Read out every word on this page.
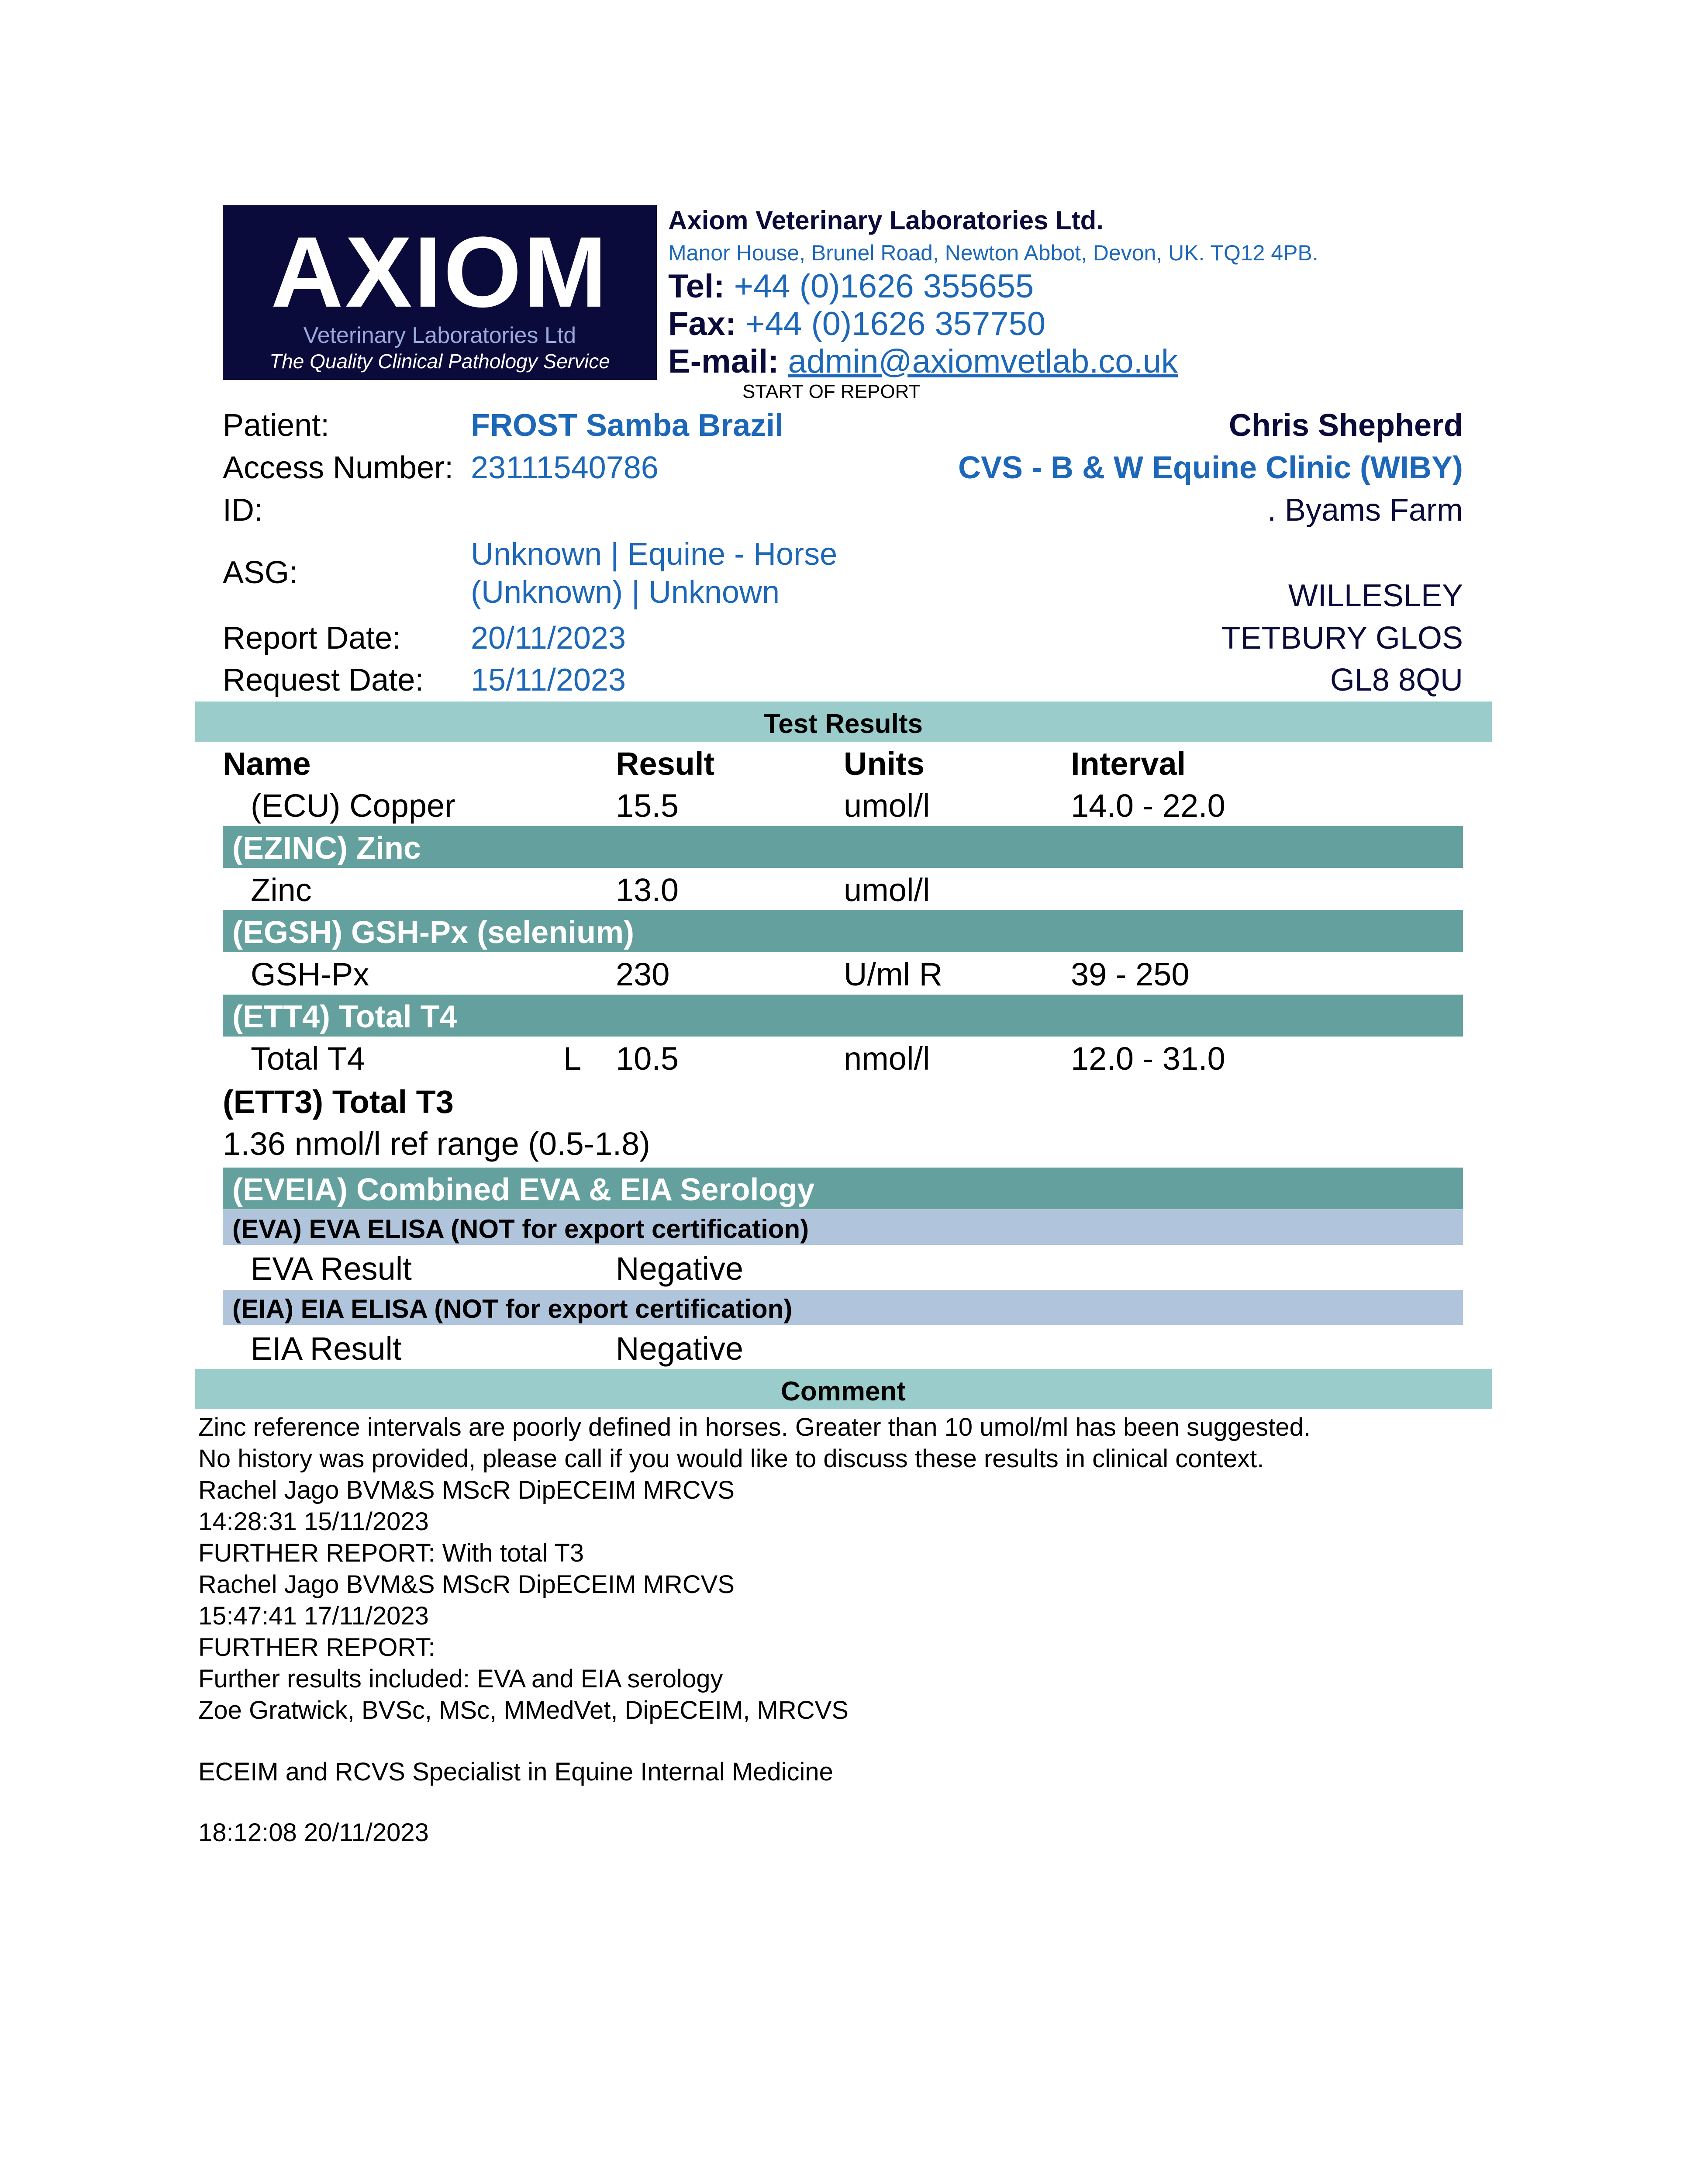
AXIOM
Veterinary Laboratories Ltd
The Quality Clinical Pathology Service
Axiom Veterinary Laboratories Ltd.
Manor House, Brunel Road, Newton Abbot, Devon, UK. TQ12 4PB.
Tel: +44 (0)1626 355655
Fax: +44 (0)1626 357750
E-mail: admin@axiomvetlab.co.uk
START OF REPORT
Patient:	FROST Samba Brazil
Access Number: 23111540786
ID:
ASG:
Unknown | Equine - Horse
(Unknown) | Unknown
Report Date: 20/11/2023
Request Date: 15/11/2023
Chris Shepherd
CVS - B & W Equine Clinic (WIBY)
. Byams Farm
WILLESLEY
TETBURY GLOS
GL8 8QU
Test Results
Name	Result	Units	Interval
(ECU) Copper	15.5	umol/l	14.0 - 22.0
(EZINC) Zinc
Zinc	13.0	umol/l
(EGSH) GSH-Px (selenium)
GSH-Px	230	U/ml R	39 - 250
(ETT4) Total T4
Total T4	L 10.5	nmol/l	12.0 - 31.0
(ETT3) Total T3
1.36 nmol/l ref range (0.5-1.8)
(EVEIA) Combined EVA & EIA Serology
(EVA) EVA ELISA (NOT for export certification)
EVA Result	Negative
(EIA) EIA ELISA (NOT for export certification)
EIA Result	Negative
Comment
Zinc reference intervals are poorly defined in horses. Greater than 10 umol/ml has been suggested.
No history was provided, please call if you would like to discuss these results in clinical context.
Rachel Jago BVM&S MScR DipECEIM MRCVS
14:28:31 15/11/2023
FURTHER REPORT: With total T3
Rachel Jago BVM&S MScR DipECEIM MRCVS
15:47:41 17/11/2023
FURTHER REPORT:
Further results included: EVA and EIA serology
Zoe Gratwick, BVSc, MSc, MMedVet, DipECEIM, MRCVS
ECEIM and RCVS Specialist in Equine Internal Medicine
18:12:08 20/11/2023
